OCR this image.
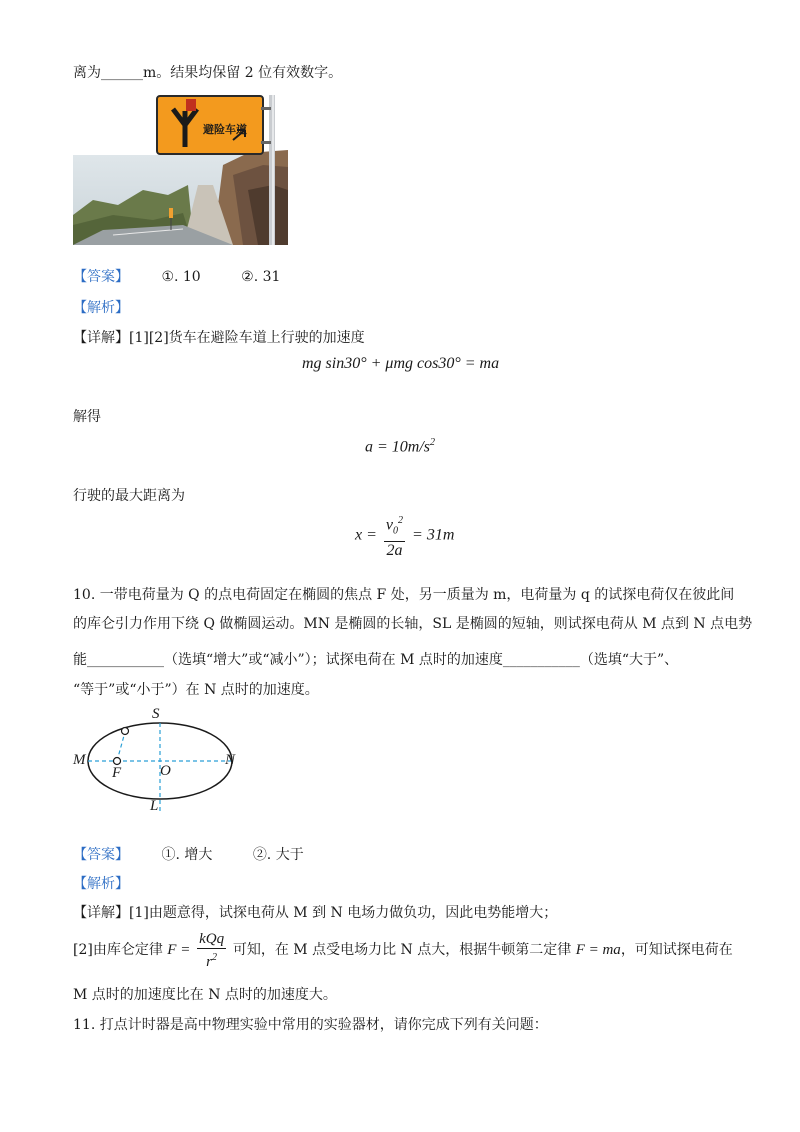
离为______m。结果均保留 2 位有效数字。
避险车道
【答案】 ①. 10	②. 31
【解析】
【详解】[1][2]货车在避险车道上行驶的加速度
mg sin30° + μmg cos30° = ma
解得
$a = 10m/s^2$
行驶的最大距离为
$x = \frac{v_0^2}{2a} = 31m$
10. 一带电荷量为 Q 的点电荷固定在椭圆的焦点 F 处，另一质量为 m，电荷量为 q 的试探电荷仅在彼此间
的库仑引力作用下绕 Q 做椭圆运动。MN 是椭圆的长轴，SL 是椭圆的短轴，则试探电荷从 M 点到 N 点电势
能___________（选填“增大”或“减小”）；试探电荷在 M 点时的加速度___________（选填“大于”、
“等于”或“小于”）在 N 点时的加速度。
S
M	N
F	O
L
【答案】 ①. 增大	②. 大于
【解析】
【详解】[1]由题意得，试探电荷从 M 到 N 电场力做负功，因此电势能增大；
[2]由库仑定律 $F = \frac{\text{kQq}}{r^2}$ 可知，在 M 点受电场力比 N 点大，根据牛顿第二定律 F = ma，可知试探电荷在
M 点时的加速度比在 N 点时的加速度大。
11. 打点计时器是高中物理实验中常用的实验器材，请你完成下列有关问题：
